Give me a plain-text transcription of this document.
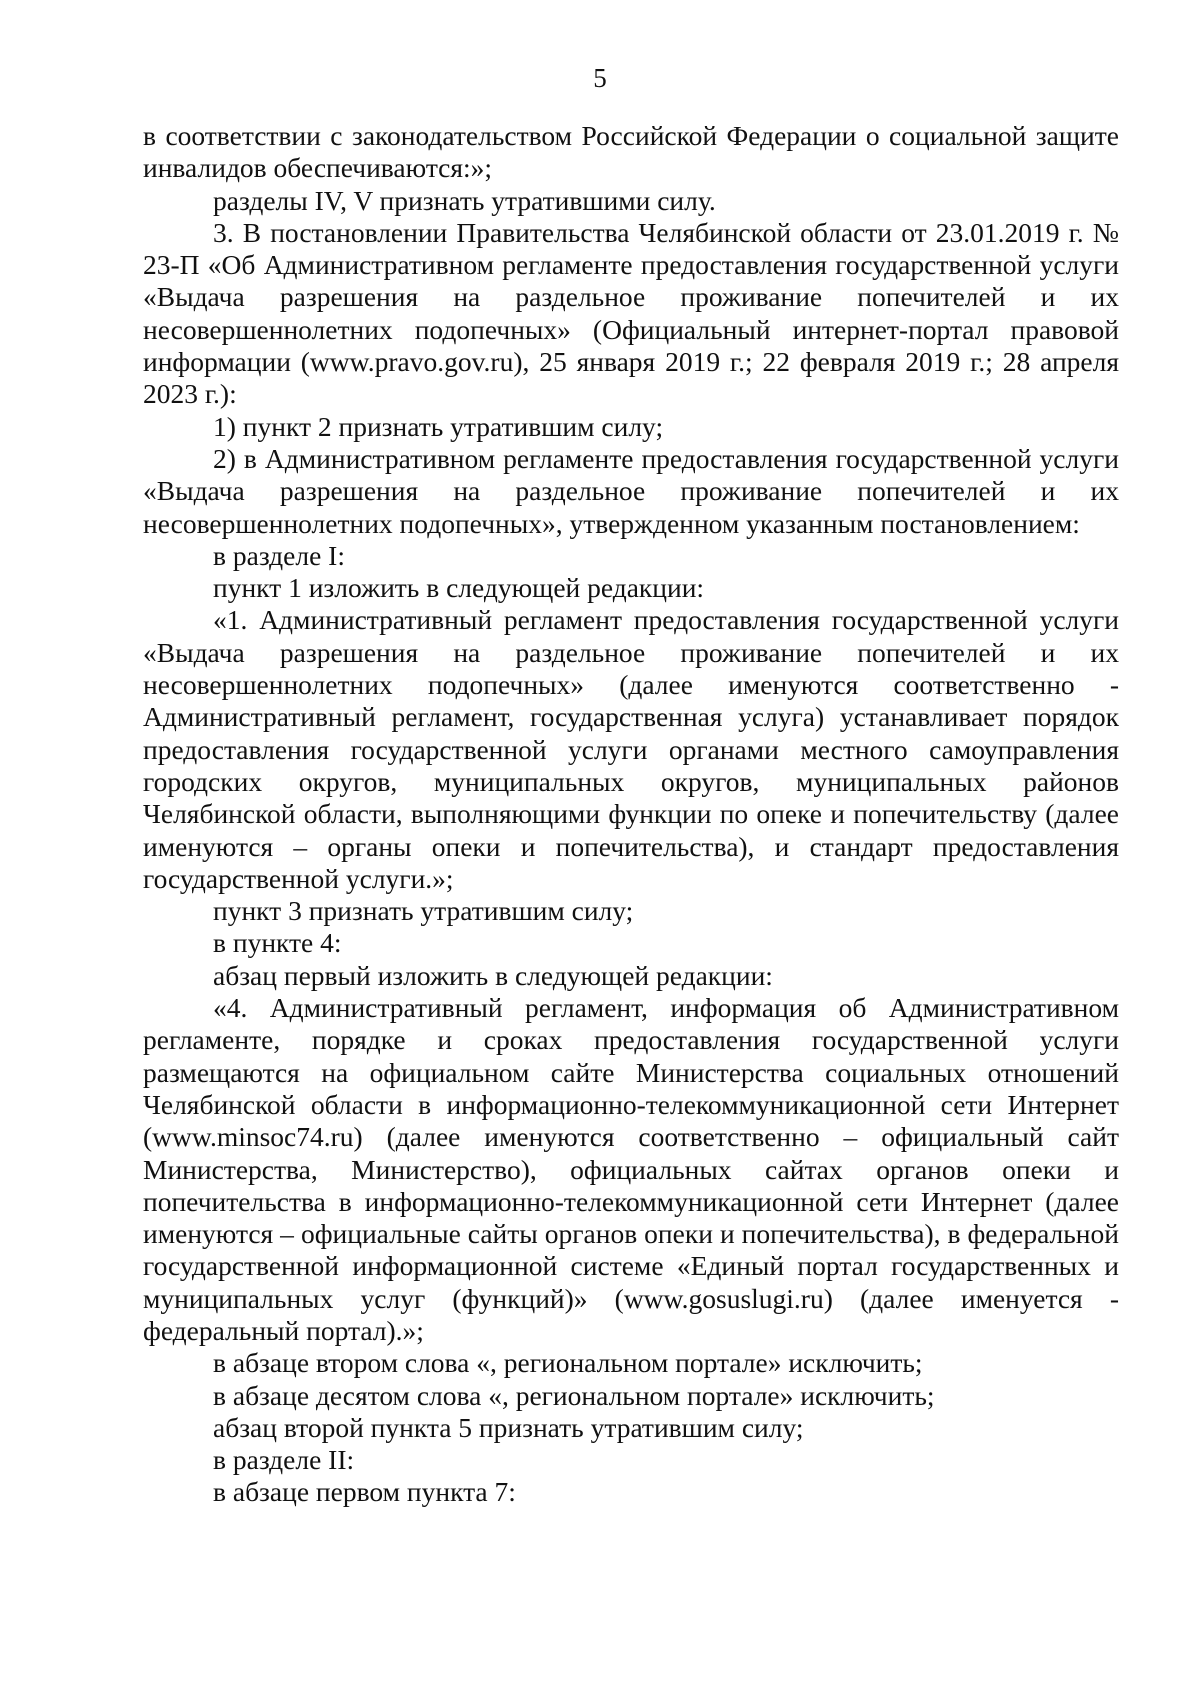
5

в соответствии с законодательством Российской Федерации о социальной защите инвалидов обеспечиваются:»;

разделы IV, V признать утратившими силу.

3. В постановлении Правительства Челябинской области от 23.01.2019 г. № 23-П «Об Административном регламенте предоставления государственной услуги «Выдача разрешения на раздельное проживание попечителей и их несовершеннолетних подопечных» (Официальный интернет-портал правовой информации (www.pravo.gov.ru), 25 января 2019 г.; 22 февраля 2019 г.; 28 апреля 2023 г.):

1) пункт 2 признать утратившим силу;

2) в Административном регламенте предоставления государственной услуги «Выдача разрешения на раздельное проживание попечителей и их несовершеннолетних подопечных», утвержденном указанным постановлением:

в разделе I:

пункт 1 изложить в следующей редакции:

«1. Административный регламент предоставления государственной услуги «Выдача разрешения на раздельное проживание попечителей и их несовершеннолетних подопечных» (далее именуются соответственно - Административный регламент, государственная услуга) устанавливает порядок предоставления государственной услуги органами местного самоуправления городских округов, муниципальных округов, муниципальных районов Челябинской области, выполняющими функции по опеке и попечительству (далее именуются – органы опеки и попечительства), и стандарт предоставления государственной услуги.»;

пункт 3 признать утратившим силу;

в пункте 4:

абзац первый изложить в следующей редакции:

«4. Административный регламент, информация об Административном регламенте, порядке и сроках предоставления государственной услуги размещаются на официальном сайте Министерства социальных отношений Челябинской области в информационно-телекоммуникационной сети Интернет (www.minsoc74.ru) (далее именуются соответственно – официальный сайт Министерства, Министерство), официальных сайтах органов опеки и попечительства в информационно-телекоммуникационной сети Интернет (далее именуются – официальные сайты органов опеки и попечительства), в федеральной государственной информационной системе «Единый портал государственных и муниципальных услуг (функций)» (www.gosuslugi.ru) (далее именуется - федеральный портал).»;

в абзаце втором слова «, региональном портале» исключить;

в абзаце десятом слова «, региональном портале» исключить;

абзац второй пункта 5 признать утратившим силу;

в разделе II:

в абзаце первом пункта 7:
